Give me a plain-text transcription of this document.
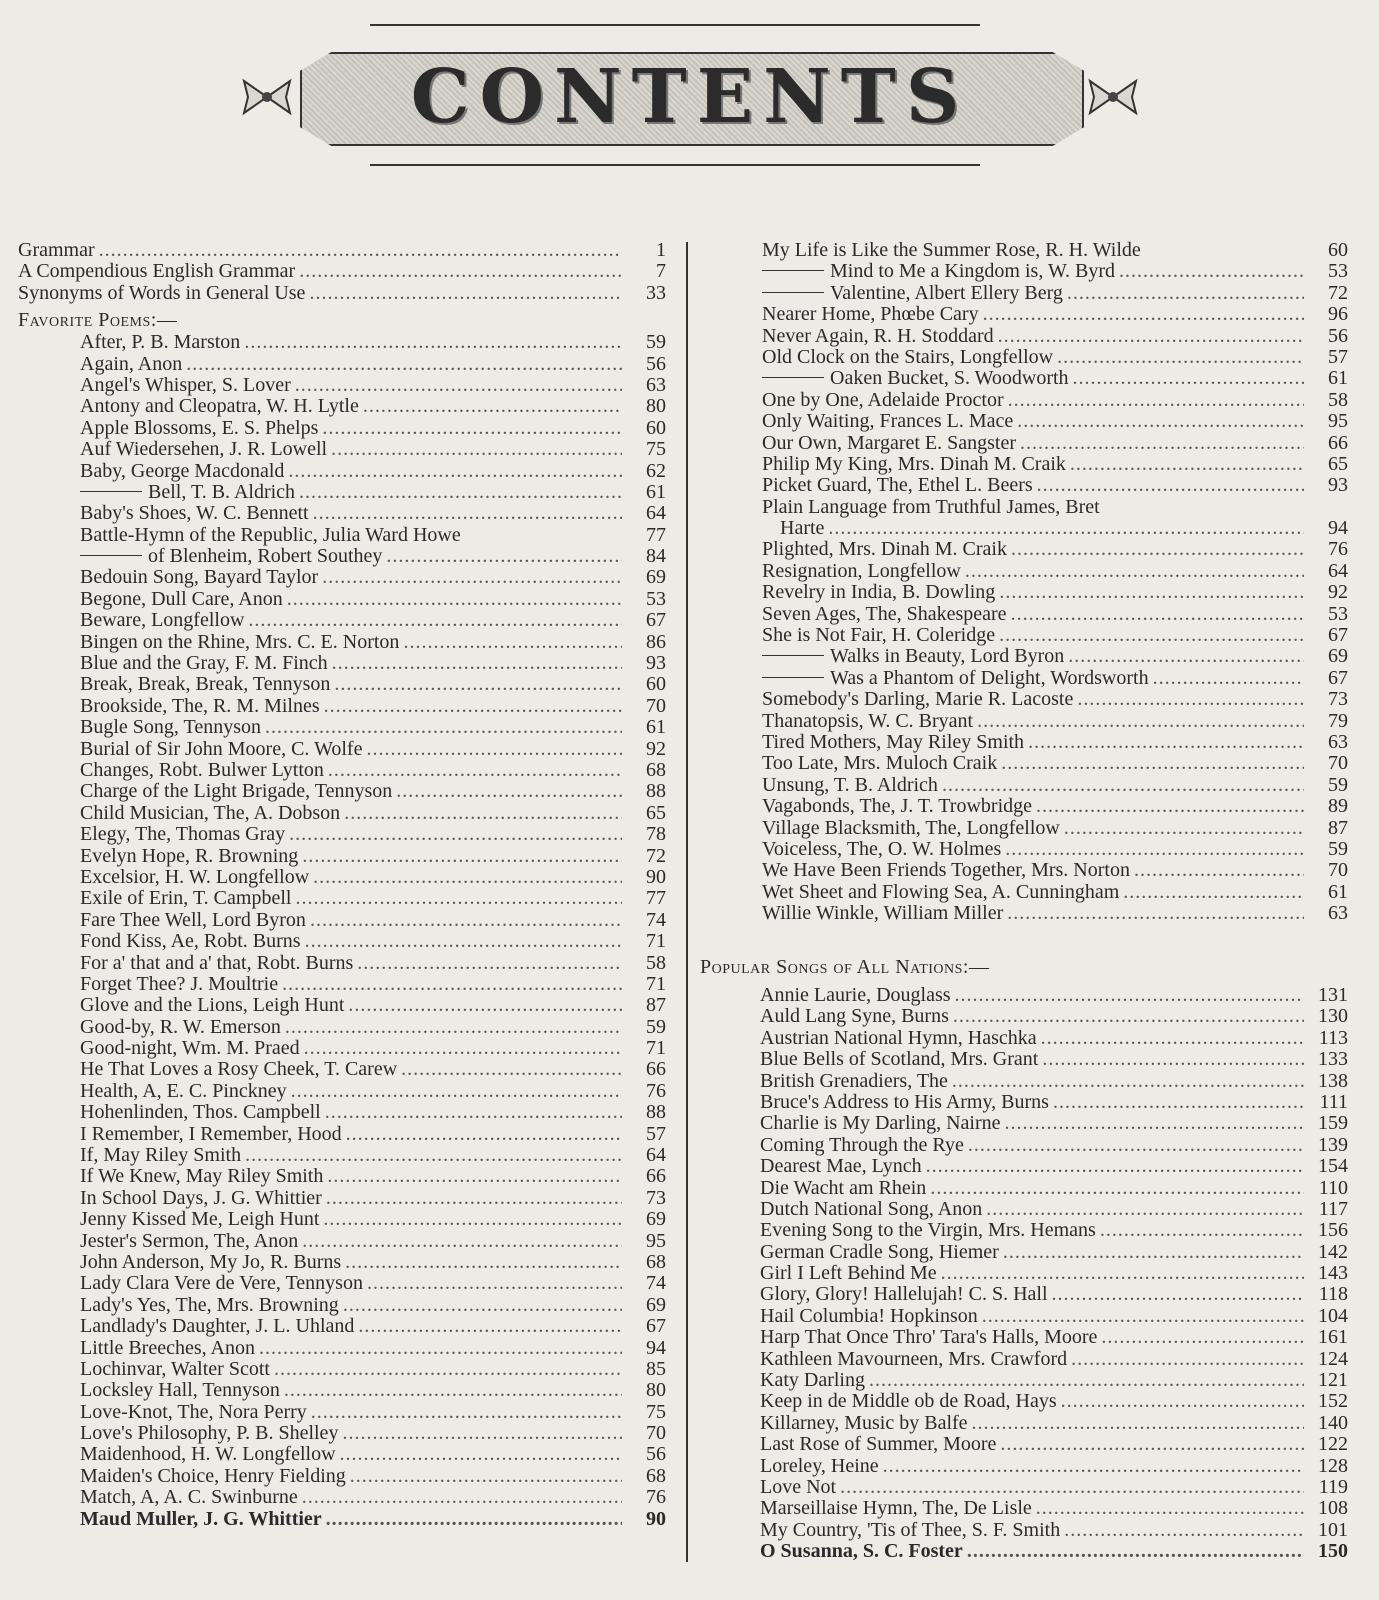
CONTENTS
Grammar .....	1
A Compendious English Grammar .....	7
Synonyms of Words in General Use .....	33
Favorite Poems:—
After, P. B. Marston .....	59
Again, Anon .....	56
Angel's Whisper, S. Lover .....	63
Antony and Cleopatra, W. H. Lytle .....	80
Apple Blossoms, E. S. Phelps .....	60
Auf Wiedersehen, J. R. Lowell .....	75
Baby, George Macdonald .....	62
Bell, T. B. Aldrich .....	61
Baby's Shoes, W. C. Bennett .....	64
Battle-Hymn of the Republic, Julia Ward Howe	77
of Blenheim, Robert Southey .....	84
Bedouin Song, Bayard Taylor .....	69
Begone, Dull Care, Anon .....	53
Beware, Longfellow .....	67
Bingen on the Rhine, Mrs. C. E. Norton .....	86
Blue and the Gray, F. M. Finch .....	93
Break, Break, Break, Tennyson .....	60
Brookside, The, R. M. Milnes .....	70
Bugle Song, Tennyson .....	61
Burial of Sir John Moore, C. Wolfe .....	92
Changes, Robt. Bulwer Lytton .....	68
Charge of the Light Brigade, Tennyson .....	88
Child Musician, The, A. Dobson .....	65
Elegy, The, Thomas Gray .....	78
Evelyn Hope, R. Browning .....	72
Excelsior, H. W. Longfellow .....	90
Exile of Erin, T. Campbell .....	77
Fare Thee Well, Lord Byron .....	74
Fond Kiss, Ae, Robt. Burns .....	71
For a' that and a' that, Robt. Burns .....	58
Forget Thee? J. Moultrie .....	71
Glove and the Lions, Leigh Hunt .....	87
Good-by, R. W. Emerson .....	59
Good-night, Wm. M. Praed .....	71
He That Loves a Rosy Cheek, T. Carew .....	66
Health, A, E. C. Pinckney .....	76
Hohenlinden, Thos. Campbell .....	88
I Remember, I Remember, Hood .....	57
If, May Riley Smith .....	64
If We Knew, May Riley Smith .....	66
In School Days, J. G. Whittier .....	73
Jenny Kissed Me, Leigh Hunt .....	69
Jester's Sermon, The, Anon .....	95
John Anderson, My Jo, R. Burns .....	68
Lady Clara Vere de Vere, Tennyson .....	74
Lady's Yes, The, Mrs. Browning .....	69
Landlady's Daughter, J. L. Uhland .....	67
Little Breeches, Anon .....	94
Lochinvar, Walter Scott .....	85
Locksley Hall, Tennyson .....	80
Love-Knot, The, Nora Perry .....	75
Love's Philosophy, P. B. Shelley .....	70
Maidenhood, H. W. Longfellow .....	56
Maiden's Choice, Henry Fielding .....	68
Match, A, A. C. Swinburne .....	76
Maud Muller, J. G. Whittier .....	90
My Life is Like the Summer Rose, R. H. Wilde	60
Mind to Me a Kingdom is, W. Byrd .....	53
Valentine, Albert Ellery Berg .....	72
Nearer Home, Phœbe Cary .....	96
Never Again, R. H. Stoddard .....	56
Old Clock on the Stairs, Longfellow .....	57
Oaken Bucket, S. Woodworth .....	61
One by One, Adelaide Proctor .....	58
Only Waiting, Frances L. Mace .....	95
Our Own, Margaret E. Sangster .....	66
Philip My King, Mrs. Dinah M. Craik .....	65
Picket Guard, The, Ethel L. Beers .....	93
Plain Language from Truthful James, Bret
Harte .....	94
Plighted, Mrs. Dinah M. Craik .....	76
Resignation, Longfellow .....	64
Revelry in India, B. Dowling .....	92
Seven Ages, The, Shakespeare .....	53
She is Not Fair, H. Coleridge .....	67
Walks in Beauty, Lord Byron .....	69
Was a Phantom of Delight, Wordsworth .....	67
Somebody's Darling, Marie R. Lacoste .....	73
Thanatopsis, W. C. Bryant .....	79
Tired Mothers, May Riley Smith .....	63
Too Late, Mrs. Muloch Craik .....	70
Unsung, T. B. Aldrich .....	59
Vagabonds, The, J. T. Trowbridge .....	89
Village Blacksmith, The, Longfellow .....	87
Voiceless, The, O. W. Holmes .....	59
We Have Been Friends Together, Mrs. Norton .....	70
Wet Sheet and Flowing Sea, A. Cunningham .....	61
Willie Winkle, William Miller .....	63
Popular Songs of All Nations:—
Annie Laurie, Douglass .....	131
Auld Lang Syne, Burns .....	130
Austrian National Hymn, Haschka .....	113
Blue Bells of Scotland, Mrs. Grant .....	133
British Grenadiers, The .....	138
Bruce's Address to His Army, Burns .....	111
Charlie is My Darling, Nairne .....	159
Coming Through the Rye .....	139
Dearest Mae, Lynch .....	154
Die Wacht am Rhein .....	110
Dutch National Song, Anon .....	117
Evening Song to the Virgin, Mrs. Hemans .....	156
German Cradle Song, Hiemer .....	142
Girl I Left Behind Me .....	143
Glory, Glory! Hallelujah! C. S. Hall .....	118
Hail Columbia! Hopkinson .....	104
Harp That Once Thro' Tara's Halls, Moore .....	161
Kathleen Mavourneen, Mrs. Crawford .....	124
Katy Darling .....	121
Keep in de Middle ob de Road, Hays .....	152
Killarney, Music by Balfe .....	140
Last Rose of Summer, Moore .....	122
Loreley, Heine .....	128
Love Not .....	119
Marseillaise Hymn, The, De Lisle .....	108
My Country, 'Tis of Thee, S. F. Smith .....	101
O Susanna, S. C. Foster .....	150
